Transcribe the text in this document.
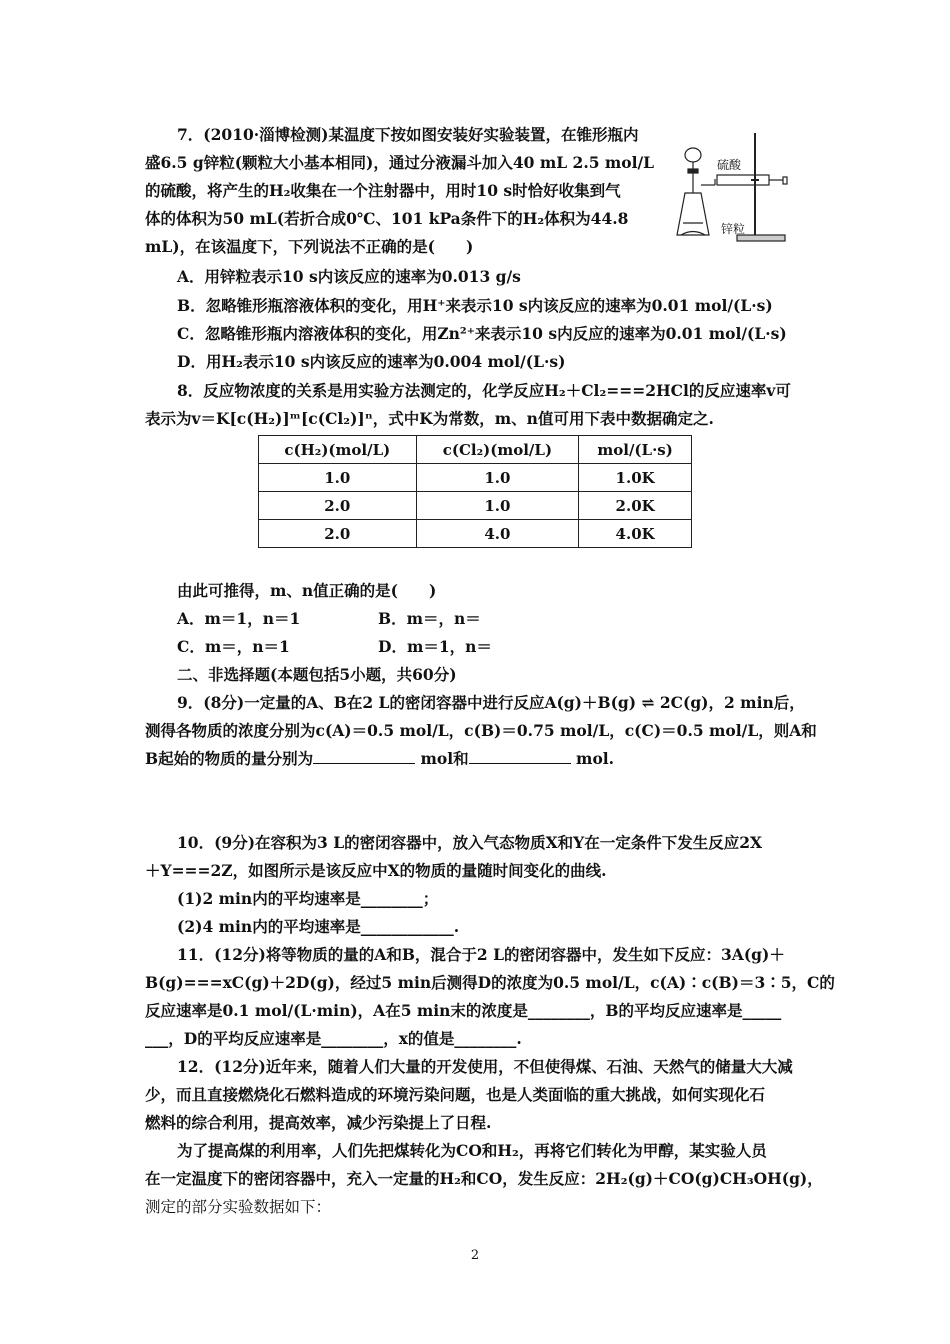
7．(2010·淄博检测)某温度下按如图安装好实验装置，在锥形瓶内
盛6.5 g锌粒(颗粒大小基本相同)，通过分液漏斗加入40 mL 2.5 mol/L
的硫酸，将产生的H₂收集在一个注射器中，用时10 s时恰好收集到气
体的体积为50 mL(若折合成0℃、101 kPa条件下的H₂体积为44.8
mL)，在该温度下，下列说法不正确的是(　　)
硫酸
锌粒
A．用锌粒表示10 s内该反应的速率为0.013 g/s
B．忽略锥形瓶溶液体积的变化，用H⁺来表示10 s内该反应的速率为0.01 mol/(L·s)
C．忽略锥形瓶内溶液体积的变化，用Zn²⁺来表示10 s内反应的速率为0.01 mol/(L·s)
D．用H₂表示10 s内该反应的速率为0.004 mol/(L·s)
8．反应物浓度的关系是用实验方法测定的，化学反应H₂＋Cl₂===2HCl的反应速率v可
表示为v＝K[c(H₂)]ᵐ[c(Cl₂)]ⁿ，式中K为常数，m、n值可用下表中数据确定之.
c(H₂)(mol/L)	c(Cl₂)(mol/L)	mol/(L·s)
1.0	1.0	1.0K
2.0	1.0	2.0K
2.0	4.0	4.0K
由此可推得，m、n值正确的是(　　)
A．m＝1，n＝1	B．m＝，n＝
C．m＝，n＝1	D．m＝1，n＝
二、非选择题(本题包括5小题，共60分)
9．(8分)一定量的A、B在2 L的密闭容器中进行反应A(g)＋B(g) ⇌ 2C(g)，2 min后，
测得各物质的浓度分别为c(A)＝0.5 mol/L，c(B)＝0.75 mol/L，c(C)＝0.5 mol/L，则A和
B起始的物质的量分别为	mol和	mol.
10．(9分)在容积为3 L的密闭容器中，放入气态物质X和Y在一定条件下发生反应2X
＋Y===2Z，如图所示是该反应中X的物质的量随时间变化的曲线.
(1)2 min内的平均速率是________；
(2)4 min内的平均速率是____________.
11．(12分)将等物质的量的A和B，混合于2 L的密闭容器中，发生如下反应：3A(g)＋
B(g)===xC(g)＋2D(g)，经过5 min后测得D的浓度为0.5 mol/L，c(A)∶c(B)＝3∶5，C的
反应速率是0.1 mol/(L·min)，A在5 min末的浓度是________，B的平均反应速率是_____
___，D的平均反应速率是________，x的值是________.
12．(12分)近年来，随着人们大量的开发使用，不但使得煤、石油、天然气的储量大大减
少，而且直接燃烧化石燃料造成的环境污染问题，也是人类面临的重大挑战，如何实现化石
燃料的综合利用，提高效率，减少污染提上了日程.
为了提高煤的利用率，人们先把煤转化为CO和H₂，再将它们转化为甲醇，某实验人员
在一定温度下的密闭容器中，充入一定量的H₂和CO，发生反应：2H₂(g)＋CO(g)CH₃OH(g)，
测定的部分实验数据如下：
2
